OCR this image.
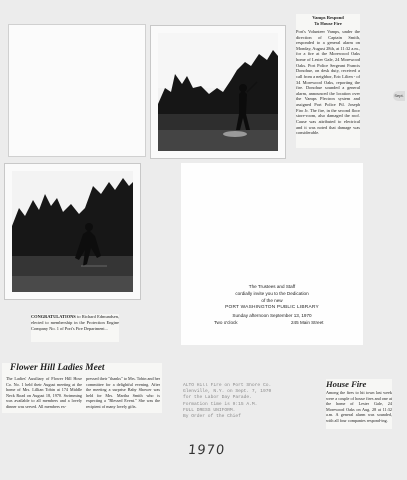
Vamps Respond
To House Fire
Port's Volunteer Vamps, under the direction of Captain Smith, responded to a general alarm on Monday, August 28th, at 11:32 a.m., for a fire at the Morewood Oaks home of Lester Gale, 24 Morewood Oaks. Port Police Sergeant Francis Donohue, on desk duty, received a call from a neighbor, Eric Lilien - of 34 Morewood Oaks, reporting the fire. Donohue sounded a general alarm, announced the location over the Vamps Plectron system and assigned Port Police Ptl. Joseph Firo Jr. The fire, in the second floor store-room, also damaged the roof. Cause was attributed to electrical and it was noted that damage was considerable.
Sept.
The Trustees and Staff
cordially invite you to the Dedication
of the new
PORT WASHINGTON PUBLIC LIBRARY
Sunday afternoon September 13, 1970
Two o'clock	245 Main Street
CONGRATULATIONS to Richard Edmundsen, elected to membership in the Protection Engine Company No. 1 of Port's Fire Department...
Flower Hill Ladies Meet
The Ladies' Auxiliary of Flower Hill Hose Co. No. 1 held their August meeting at the home of Mrs. Lillian Tobin at 174 Middle Neck Road on August 18, 1970. Swimming was available to all members and a lovely dinner was served. All members ex-
pressed their "thanks" to Mrs. Tobin and her committee for a delightful evening. After the meeting a surprise Baby Shower was held for Mrs. Martha Smith who is expecting a "Blessed Event." She was the recipient of many lovely gifts.
ALTO Hill Fire on Port Shore Co.
Glenville, N.Y. on Sept. 7, 1970
for the Labor Day Parade.
Formation time is 9:15 A.M.
FULL DRESS UNIFORM.
By Order of the Chief
House Fire
Among the fires to hit town last week were a couple of house fires and one at the home of Lester Gale, 24 Morewood Oaks on Aug. 28 at 11:32 a.m. A general alarm was sounded, with all four companies respond-ing.
1970
